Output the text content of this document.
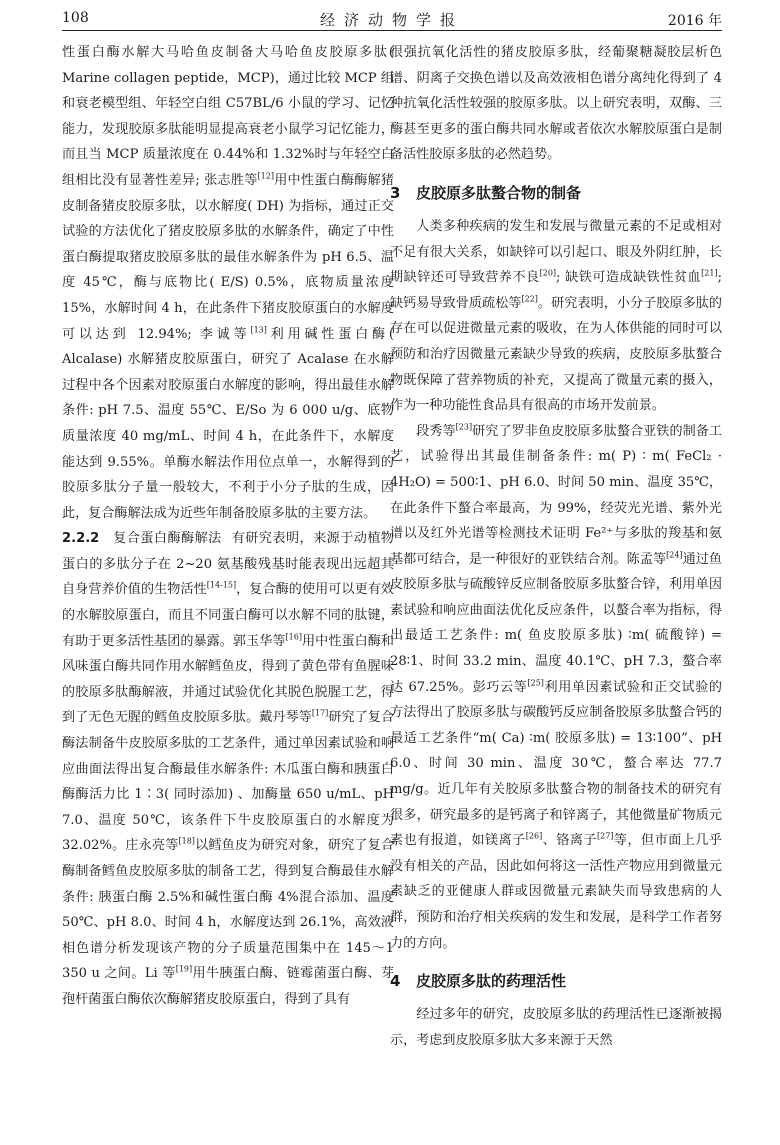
108	经济动物学报	2016 年

性蛋白酶水解大马哈鱼皮制备大马哈鱼皮胶原多肽( Marine collagen peptide，MCP)，通过比较 MCP 组和衰老模型组、年轻空白组 C57BL/6 小鼠的学习、记忆能力，发现胶原多肽能明显提高衰老小鼠学习记忆能力，而且当 MCP 质量浓度在 0.44%和 1.32%时与年轻空白组相比没有显著性差异; 张志胜等[12]用中性蛋白酶酶解猪皮制备猪皮胶原多肽，以水解度( DH) 为指标，通过正交试验的方法优化了猪皮胶原多肽的水解条件，确定了中性蛋白酶提取猪皮胶原多肽的最佳水解条件为 pH 6.5、温度 45℃，酶与底物比( E/S) 0.5%，底物质量浓度 15%，水解时间 4 h，在此条件下猪皮胶原蛋白的水解度可以达到 12.94%; 李诚等[13]利用碱性蛋白酶( Alcalase) 水解猪皮胶原蛋白，研究了 Acalase 在水解过程中各个因素对胶原蛋白水解度的影响，得出最佳水解条件: pH 7.5、温度 55℃、E/So 为 6 000 u/g、底物质量浓度 40 mg/mL、时间 4 h，在此条件下，水解度能达到 9.55%。单酶水解法作用位点单一，水解得到的胶原多肽分子量一般较大，不利于小分子肽的生成，因此，复合酶解法成为近些年制备胶原多肽的主要方法。

2.2.2 复合蛋白酶酶解法 有研究表明，来源于动植物蛋白的多肽分子在 2~20 氨基酸残基时能表现出远超其自身营养价值的生物活性[14-15]，复合酶的使用可以更有效的水解胶原蛋白，而且不同蛋白酶可以水解不同的肽键，有助于更多活性基团的暴露。郭玉华等[16]用中性蛋白酶和风味蛋白酶共同作用水解鳕鱼皮，得到了黄色带有鱼腥味的胶原多肽酶解液，并通过试验优化其脱色脱腥工艺，得到了无色无腥的鳕鱼皮胶原多肽。戴丹琴等[17]研究了复合酶法制备牛皮胶原多肽的工艺条件，通过单因素试验和响应曲面法得出复合酶最佳水解条件: 木瓜蛋白酶和胰蛋白酶酶活力比 1∶3( 同时添加) 、加酶量 650 u/mL、pH 7.0、温度 50℃，该条件下牛皮胶原蛋白的水解度为 32.02%。庄永亮等[18]以鳕鱼皮为研究对象，研究了复合酶制备鳕鱼皮胶原多肽的制备工艺，得到复合酶最佳水解条件: 胰蛋白酶 2.5%和碱性蛋白酶 4%混合添加、温度 50℃、pH 8.0、时间 4 h，水解度达到 26.1%，高效液相色谱分析发现该产物的分子质量范围集中在 145～1 350 u 之间。Li 等[19]用牛胰蛋白酶、链霉菌蛋白酶、芽孢杆菌蛋白酶依次酶解猪皮胶原蛋白，得到了具有

很强抗氧化活性的猪皮胶原多肽，经葡聚糖凝胶层析色谱、阴离子交换色谱以及高效液相色谱分离纯化得到了 4 种抗氧化活性较强的胶原多肽。以上研究表明，双酶、三酶甚至更多的蛋白酶共同水解或者依次水解胶原蛋白是制备活性胶原多肽的必然趋势。

3 皮胶原多肽螯合物的制备

人类多种疾病的发生和发展与微量元素的不足或相对不足有很大关系，如缺锌可以引起口、眼及外阴红肿，长期缺锌还可导致营养不良[20]; 缺铁可造成缺铁性贫血[21]; 缺钙易导致骨质疏松等[22]。研究表明，小分子胶原多肽的存在可以促进微量元素的吸收，在为人体供能的同时可以预防和治疗因微量元素缺少导致的疾病，皮胶原多肽螯合物既保障了营养物质的补充，又提高了微量元素的摄入，作为一种功能性食品具有很高的市场开发前景。

段秀等[23]研究了罗非鱼皮胶原多肽螯合亚铁的制备工艺，试验得出其最佳制备条件: m( P) ∶ m( FeCl₂ · 4H₂O) = 500∶1、pH 6.0、时间 50 min、温度 35℃，在此条件下螯合率最高，为 99%，经荧光光谱、紫外光谱以及红外光谱等检测技术证明 Fe²⁺与多肽的羧基和氨基都可结合，是一种很好的亚铁结合剂。陈孟等[24]通过鱼皮胶原多肽与硫酸锌反应制备胶原多肽螯合锌，利用单因素试验和响应曲面法优化反应条件，以螯合率为指标，得出最适工艺条件: m( 鱼皮胶原多肽) ∶m( 硫酸锌) = 28∶1、时间 33.2 min、温度 40.1℃、pH 7.3，螯合率达 67.25%。彭巧云等[25]利用单因素试验和正交试验的方法得出了胶原多肽与碳酸钙反应制备胶原多肽螯合钙的最适工艺条件“m( Ca) ∶m( 胶原多肽) = 13∶100”、pH 6.0、时间 30 min、温度 30℃，螯合率达 77.7 mg/g。近几年有关胶原多肽螯合物的制备技术的研究有很多，研究最多的是钙离子和锌离子，其他微量矿物质元素也有报道，如镁离子[26]、铬离子[27]等，但市面上几乎没有相关的产品，因此如何将这一活性产物应用到微量元素缺乏的亚健康人群或因微量元素缺失而导致患病的人群，预防和治疗相关疾病的发生和发展，是科学工作者努力的方向。

4 皮胶原多肽的药理活性

经过多年的研究，皮胶原多肽的药理活性已逐渐被揭示，考虑到皮胶原多肽大多来源于天然
